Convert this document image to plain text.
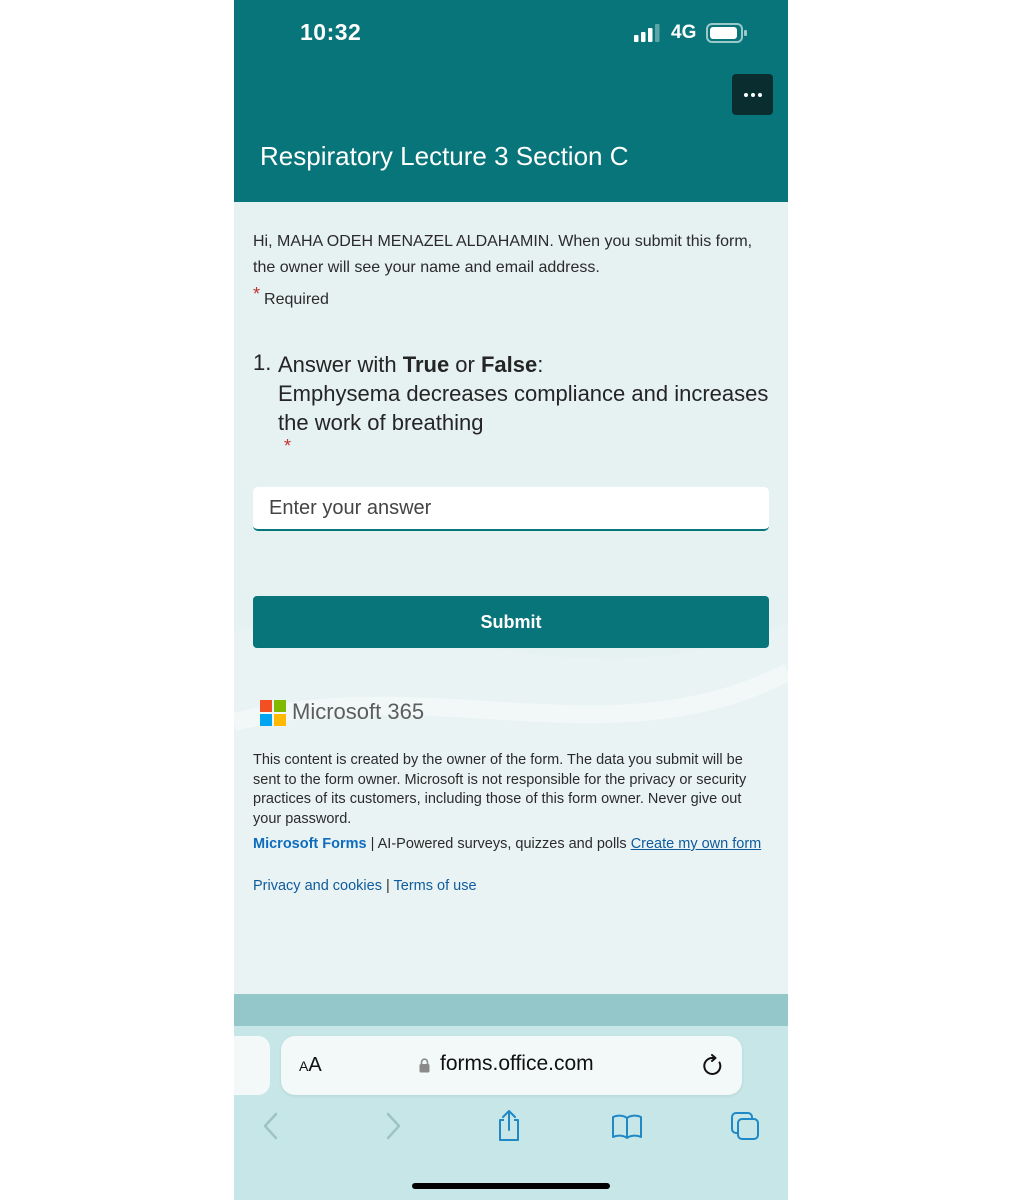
10:32	4G
Respiratory Lecture 3 Section C
Hi, MAHA ODEH MENAZEL ALDAHAMIN. When you submit this form, the owner will see your name and email address.
* Required
1. Answer with True or False:
Emphysema decreases compliance and increases the work of breathing
*
Enter your answer
Submit
Microsoft 365
This content is created by the owner of the form. The data you submit will be sent to the form owner. Microsoft is not responsible for the privacy or security practices of its customers, including those of this form owner. Never give out your password.
Microsoft Forms | AI-Powered surveys, quizzes and polls Create my own form
Privacy and cookies | Terms of use
AA	forms.office.com
